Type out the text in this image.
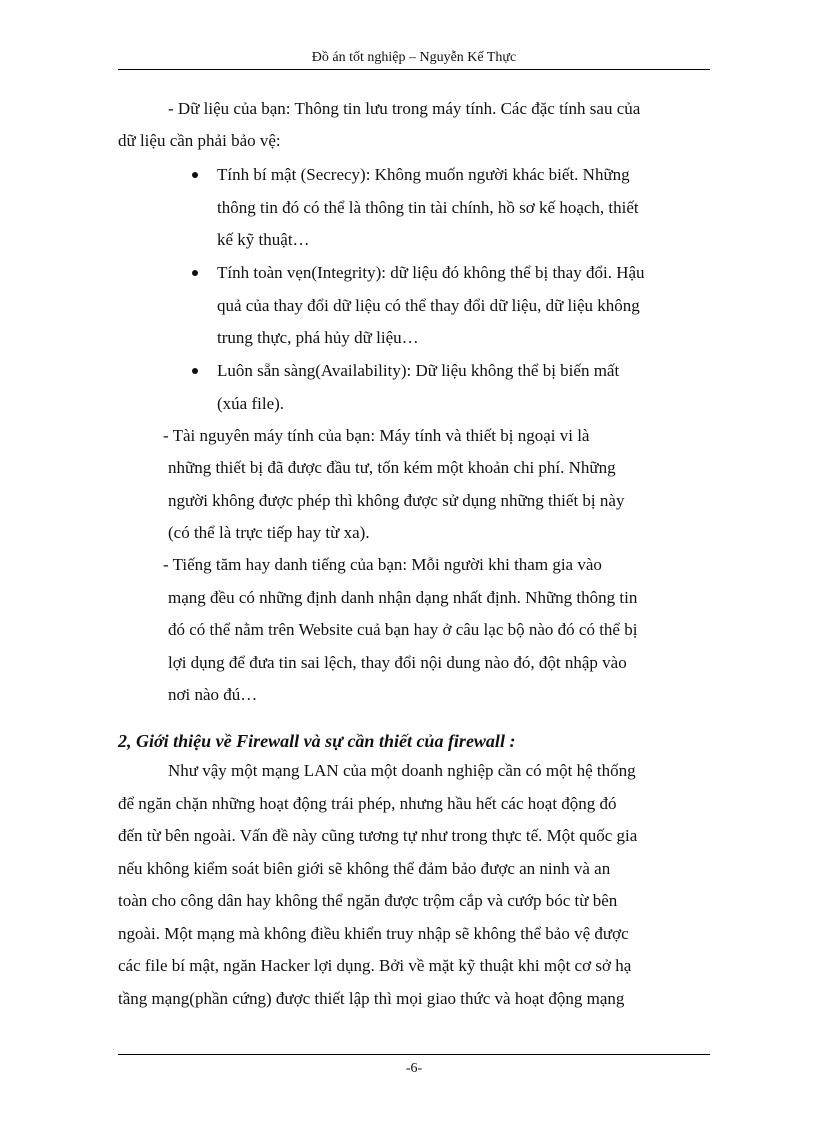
Đồ án tốt nghiệp – Nguyễn Kế Thực
- Dữ liệu của bạn: Thông tin lưu trong máy tính. Các đặc tính sau của
dữ liệu cần phải bảo vệ:
Tính bí mật (Secrecy): Không muốn người khác biết. Những
thông tin đó có thể là thông tin tài chính, hồ sơ kế hoạch, thiết
kế kỹ thuật…
Tính toàn vẹn(Integrity): dữ liệu đó không thể bị thay đổi. Hậu
quả của thay đổi dữ liệu có thể thay đổi dữ liệu, dữ liệu không
trung thực, phá hủy dữ liệu…
Luôn sẵn sàng(Availability): Dữ liệu không thể bị biến mất
(xúa file).
- Tài nguyên máy tính của bạn: Máy tính và thiết bị ngoại vi là
những thiết bị đã được đầu tư, tốn kém một khoản chi phí. Những
người không được phép thì không được sử dụng những thiết bị này
(có thể là trực tiếp hay từ xa).
- Tiếng tăm hay danh tiếng của bạn: Mỗi người khi tham gia vào
mạng đều có những định danh nhận dạng nhất định. Những thông tin
đó có thể nằm trên Website cuả bạn hay ở câu lạc bộ nào đó có thể bị
lợi dụng để đưa tin sai lệch, thay đổi nội dung nào đó, đột nhập vào
nơi nào đú…
2, Giới thiệu về Firewall và sự cần thiết của firewall :
Như vậy một mạng LAN của một doanh nghiệp cần có một hệ thống
để ngăn chặn những hoạt động trái phép, nhưng hầu hết các hoạt động đó
đến từ bên ngoài. Vấn đề này cũng tương tự như trong thực tế. Một quốc gia
nếu không kiểm soát biên giới sẽ không thể đảm bảo được an ninh và an
toàn cho công dân hay không thể ngăn được trộm cắp và cướp bóc từ bên
ngoài. Một mạng mà không điều khiển truy nhập sẽ không thể bảo vệ được
các file bí mật, ngăn Hacker lợi dụng. Bởi về mặt kỹ thuật khi một cơ sở hạ
tầng mạng(phần cứng) được thiết lập thì mọi giao thức và hoạt động mạng
-6-
